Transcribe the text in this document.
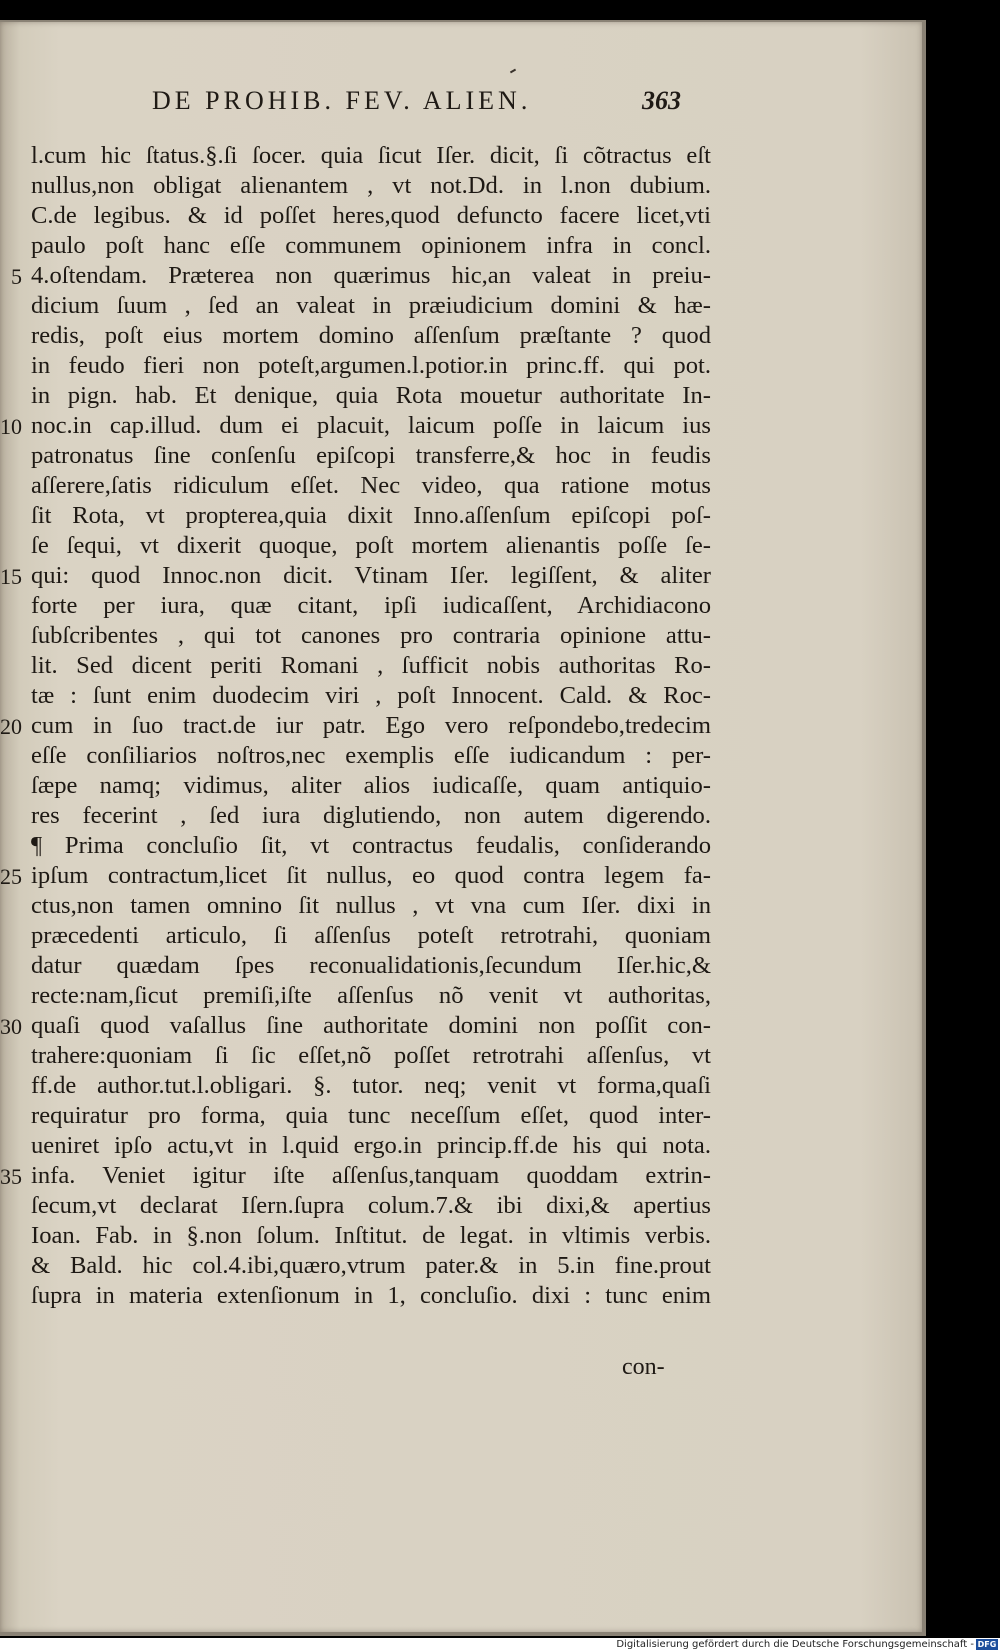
DE PROHIB. FEV. ALIEN.	363
l.cum hic ſtatus.§.ſi ſocer. quia ſicut Iſer. dicit, ſi cõtractus eſt
nullus,non obligat alienantem , vt not.Dd. in l.non dubium.
C.de legibus. & id poſſet heres,quod defuncto facere licet,vti
paulo poſt hanc eſſe communem opinionem infra in concl.
4.oſtendam. Præterea non quærimus hic,an valeat in preiu-
dicium ſuum , ſed an valeat in præiudicium domini & hæ-
redis, poſt eius mortem domino aſſenſum præſtante ? quod
in feudo fieri non poteſt,argumen.l.potior.in princ.ff. qui pot.
in pign. hab. Et denique, quia Rota mouetur authoritate In-
noc.in cap.illud. dum ei placuit, laicum poſſe in laicum ius
patronatus ſine conſenſu epiſcopi transferre,& hoc in feudis
aſſerere,ſatis ridiculum eſſet. Nec video, qua ratione motus
ſit Rota, vt propterea,quia dixit Inno.aſſenſum epiſcopi poſ-
ſe ſequi, vt dixerit quoque, poſt mortem alienantis poſſe ſe-
qui: quod Innoc.non dicit. Vtinam Iſer. legiſſent, & aliter
forte per iura, quæ citant, ipſi iudicaſſent, Archidiacono
ſubſcribentes , qui tot canones pro contraria opinione attu-
lit. Sed dicent periti Romani , ſufficit nobis authoritas Ro-
tæ : ſunt enim duodecim viri , poſt Innocent. Cald. & Roc-
cum in ſuo tract.de iur patr. Ego vero reſpondebo,tredecim
eſſe conſiliarios noſtros,nec exemplis eſſe iudicandum : per-
ſæpe namq; vidimus, aliter alios iudicaſſe, quam antiquio-
res fecerint , ſed iura diglutiendo, non autem digerendo.
¶ Prima concluſio ſit, vt contractus feudalis, conſiderando
ipſum contractum,licet ſit nullus, eo quod contra legem fa-
ctus,non tamen omnino ſit nullus , vt vna cum Iſer. dixi in
præcedenti articulo, ſi aſſenſus poteſt retrotrahi, quoniam
datur quædam ſpes reconualidationis,ſecundum Iſer.hic,&
recte:nam,ſicut premiſi,iſte aſſenſus nõ venit vt authoritas,
quaſi quod vaſallus ſine authoritate domini non poſſit con-
trahere:quoniam ſi ſic eſſet,nõ poſſet retrotrahi aſſenſus, vt
ff.de author.tut.l.obligari. §. tutor. neq; venit vt forma,quaſi
requiratur pro forma, quia tunc neceſſum eſſet, quod inter-
ueniret ipſo actu,vt in l.quid ergo.in princip.ff.de his qui nota.
infa. Veniet igitur iſte aſſenſus,tanquam quoddam extrin-
ſecum,vt declarat Iſern.ſupra colum.7.& ibi dixi,& apertius
Ioan. Fab. in §.non ſolum. Inſtitut. de legat. in vltimis verbis.
& Bald. hic col.4.ibi,quæro,vtrum pater.& in 5.in fine.prout
ſupra in materia extenſionum in 1, concluſio. dixi : tunc enim
con-
5
10
15
20
25
30
35
Digitalisierung gefördert durch die Deutsche Forschungsgemeinschaft - DFG
